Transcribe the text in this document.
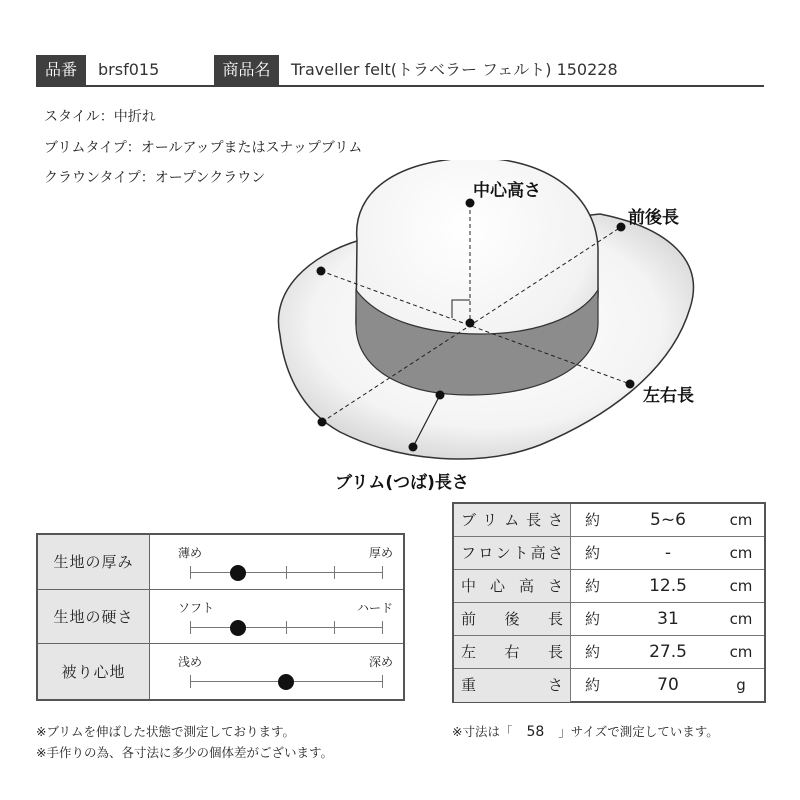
品番	brsf015	商品名	Traveller felt(トラベラー フェルト) 150228
スタイル：中折れ
ブリムタイプ：オールアップまたはスナップブリム
クラウンタイプ：オープンクラウン
中心高さ
前後長
左右長
ブリム(つば)長さ
生地の厚み
薄め	厚め
生地の硬さ
ソフト	ハード
被り心地
浅め	深め
ブリム長さ	約	5~6	cm
フロント高さ	約	-	cm
中心高さ	約	12.5	cm
前後長	約	31	cm
左右長	約	27.5	cm
重さ	約	70	g
※ブリムを伸ばした状態で測定しております。
※手作りの為、各寸法に多少の個体差がございます。
※寸法は「 58 」サイズで測定しています。
